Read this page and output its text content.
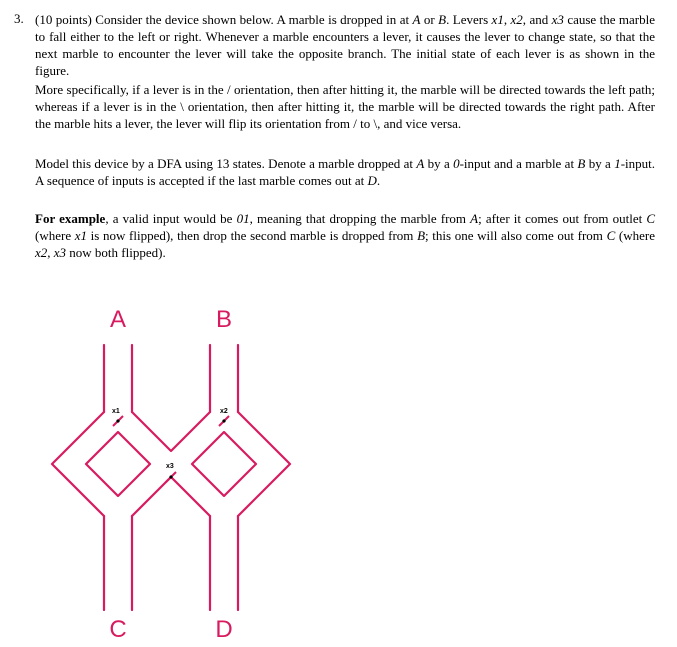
3. (10 points) Consider the device shown below. A marble is dropped in at A or B. Levers x1, x2, and x3 cause the marble to fall either to the left or right. Whenever a marble encounters a lever, it causes the lever to change state, so that the next marble to encounter the lever will take the opposite branch. The initial state of each lever is as shown in the figure.
More specifically, if a lever is in the / orientation, then after hitting it, the marble will be directed towards the left path; whereas if a lever is in the \ orientation, then after hitting it, the marble will be directed towards the right path. After the marble hits a lever, the lever will flip its orientation from / to \, and vice versa.
Model this device by a DFA using 13 states. Denote a marble dropped at A by a 0-input and a marble at B by a 1-input. A sequence of inputs is accepted if the last marble comes out at D.
For example, a valid input would be 01, meaning that dropping the marble from A; after it comes out from outlet C (where x1 is now flipped), then drop the second marble is dropped from B; this one will also come out from C (where x2, x3 now both flipped).
x1	x2
x3
A	B
C	D
